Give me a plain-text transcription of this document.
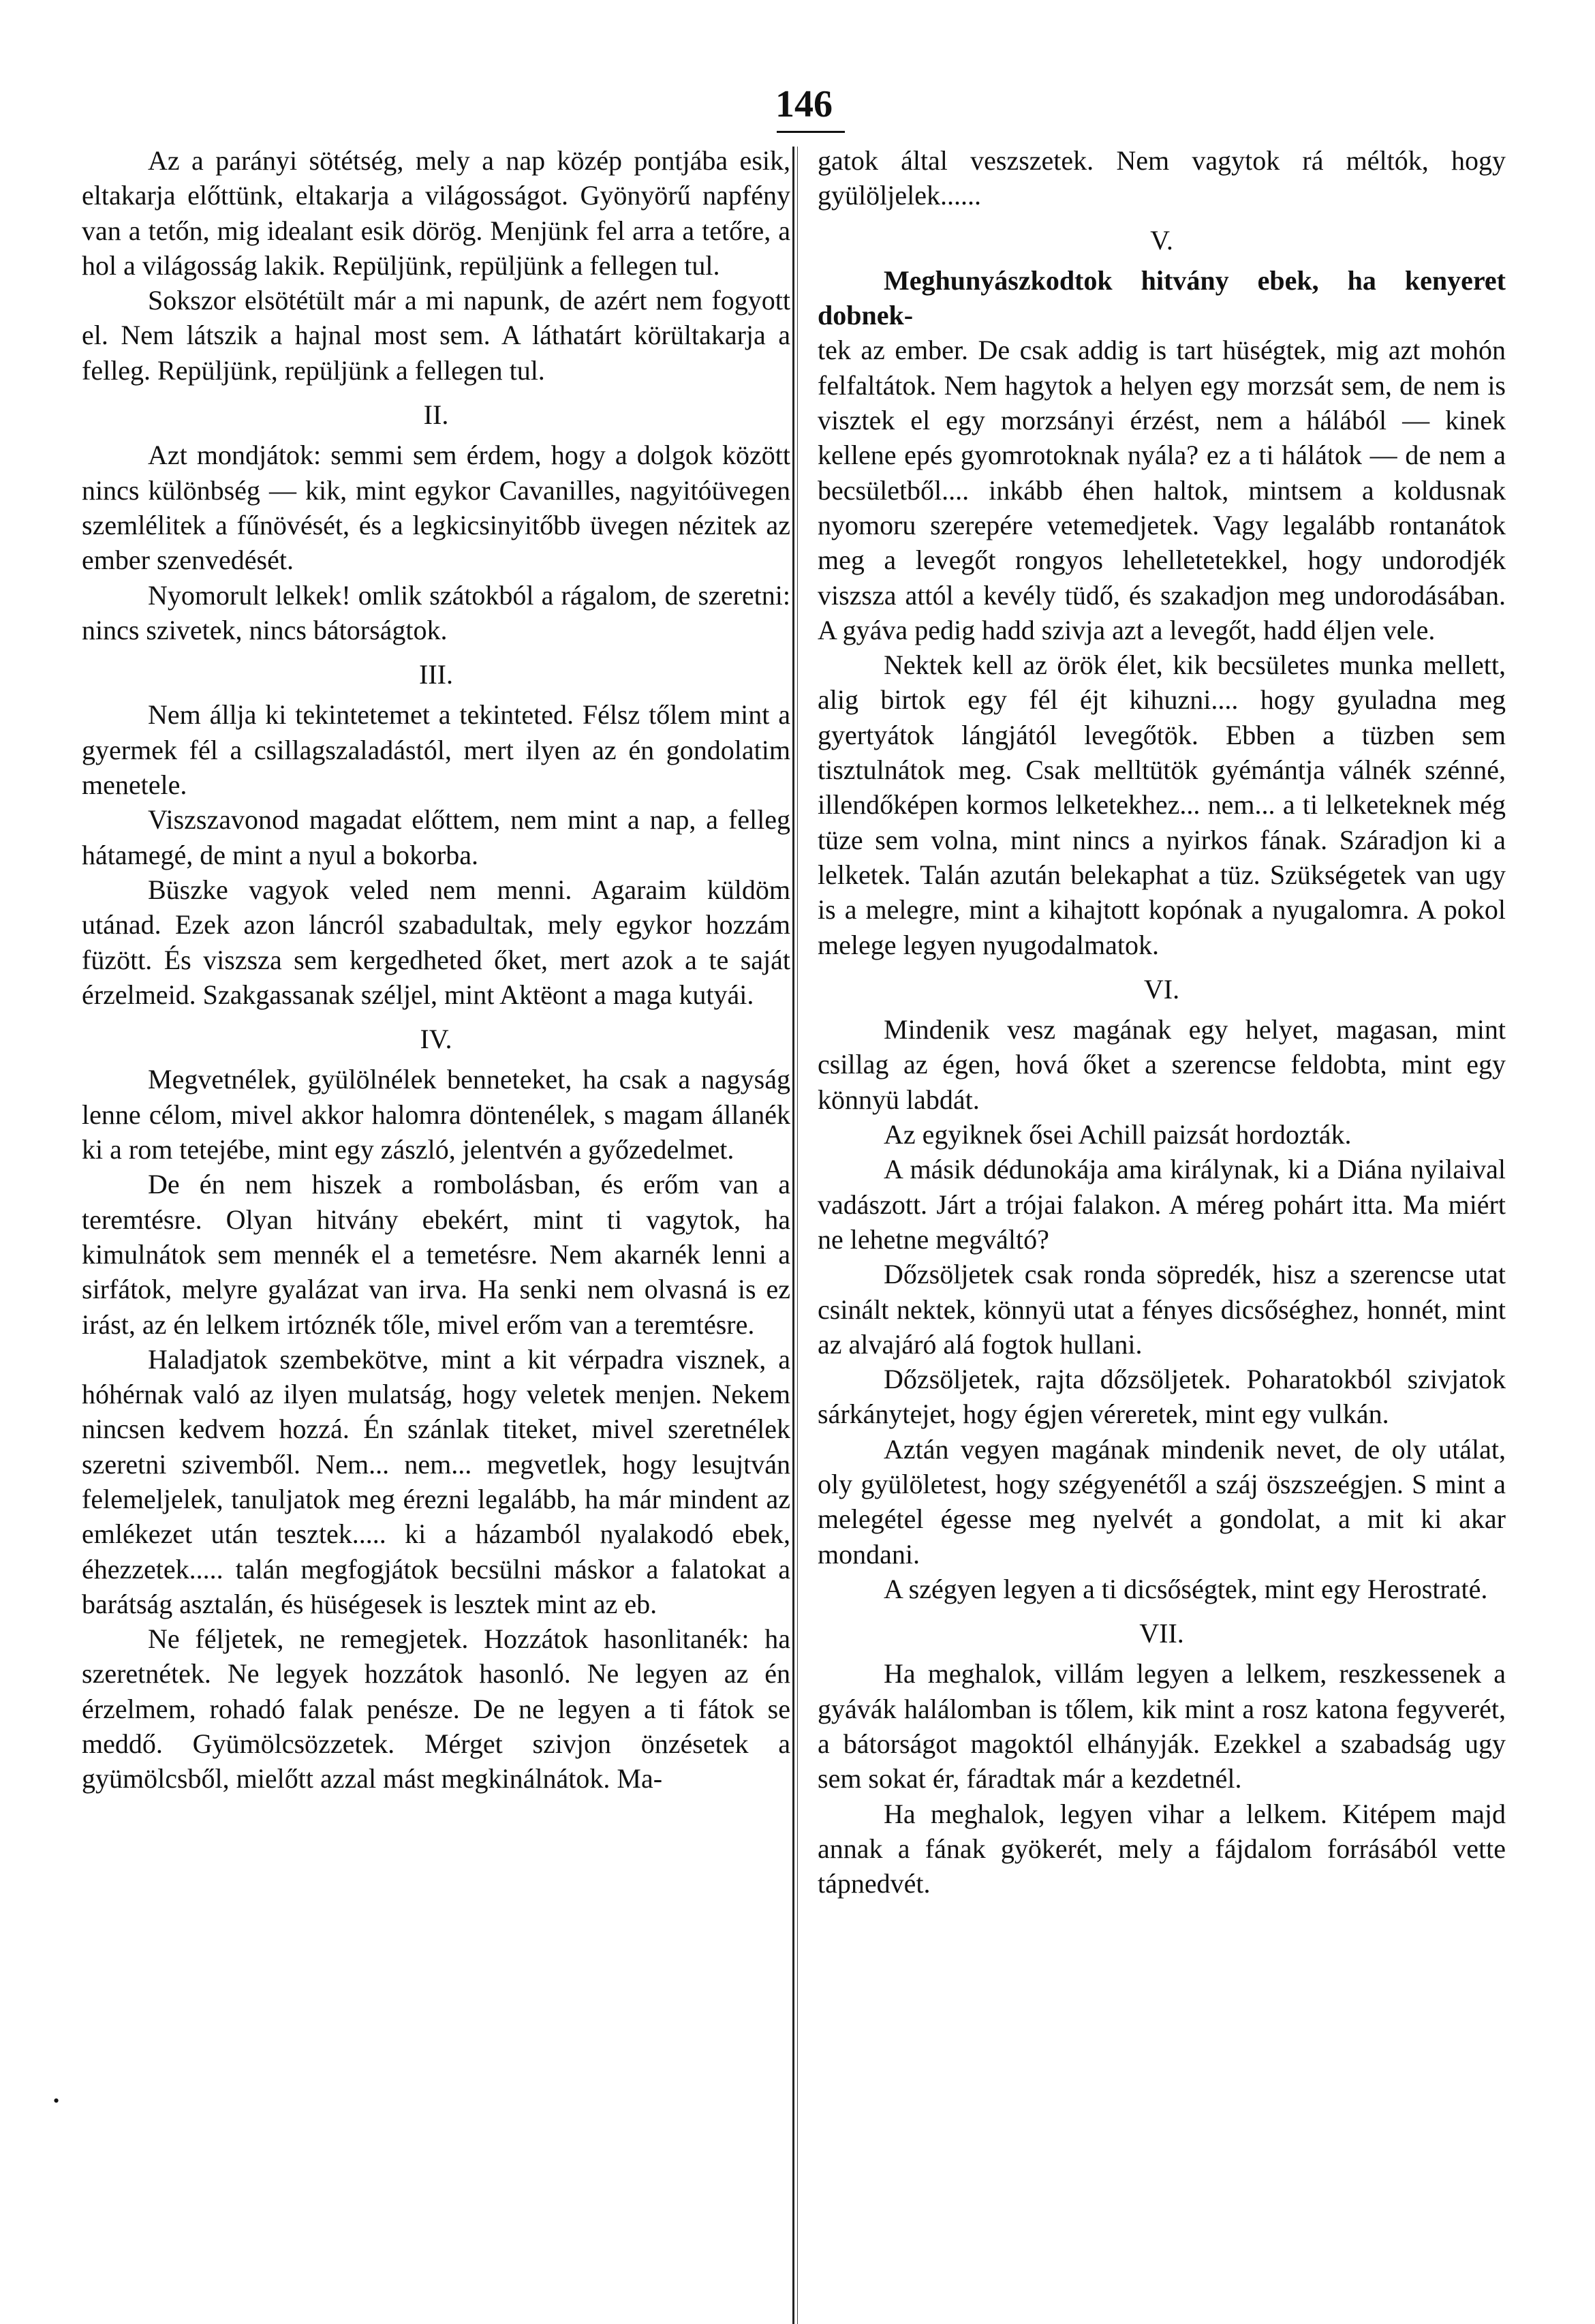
146

Az a parányi sötétség, mely a nap közép pontjába esik, eltakarja előttünk, eltakarja a világosságot. Gyönyörű napfény van a tetőn, mig idealant esik dörög. Menjünk fel arra a tetőre, a hol a világosság lakik. Repüljünk, repüljünk a fellegen tul.

Sokszor elsötétült már a mi napunk, de azért nem fogyott el. Nem látszik a hajnal most sem. A láthatárt körültakarja a felleg. Repüljünk, repüljünk a fellegen tul.

II.

Azt mondjátok: semmi sem érdem, hogy a dolgok között nincs különbség — kik, mint egykor Cavanilles, nagyitóüvegen szemlélitek a fűnövését, és a legkicsinyitőbb üvegen nézitek az ember szenvedését.

Nyomorult lelkek! omlik szátokból a rágalom, de szeretni: nincs szivetek, nincs bátorságtok.

III.

Nem állja ki tekintetemet a tekinteted. Félsz tőlem mint a gyermek fél a csillagszaladástól, mert ilyen az én gondolatim menetele.

Viszszavonod magadat előttem, nem mint a nap, a felleg hátamegé, de mint a nyul a bokorba.

Büszke vagyok veled nem menni. Agaraim küldöm utánad. Ezek azon láncról szabadultak, mely egykor hozzám füzött. És viszsza sem kergedheted őket, mert azok a te saját érzelmeid. Szakgassanak széljel, mint Aktëont a maga kutyái.

IV.

Megvetnélek, gyülölnélek benneteket, ha csak a nagyság lenne célom, mivel akkor halomra döntenélek, s magam állanék ki a rom tetejébe, mint egy zászló, jelentvén a győzedelmet.

De én nem hiszek a rombolásban, és erőm van a teremtésre. Olyan hitvány ebekért, mint ti vagytok, ha kimulnátok sem mennék el a temetésre. Nem akarnék lenni a sirfátok, melyre gyalázat van irva. Ha senki nem olvasná is ez irást, az én lelkem irtóznék tőle, mivel erőm van a teremtésre.

Haladjatok szembekötve, mint a kit vérpadra visznek, a hóhérnak való az ilyen mulatság, hogy veletek menjen. Nekem nincsen kedvem hozzá. Én szánlak titeket, mivel szeretnélek szeretni szivemből. Nem... nem... megvetlek, hogy lesujtván felemeljelek, tanuljatok meg érezni legalább, ha már mindent az emlékezet után tesztek..... ki a házamból nyalakodó ebek, éhezzetek..... talán megfogjátok becsülni máskor a falatokat a barátság asztalán, és hüségesek is lesztek mint az eb.

Ne féljetek, ne remegjetek. Hozzátok hasonlitanék: ha szeretnétek. Ne legyek hozzátok hasonló. Ne legyen az én érzelmem, rohadó falak penésze. De ne legyen a ti fátok se meddő. Gyümölcsözzetek. Mérget szivjon önzésetek a gyümölcsből, mielőtt azzal mást megkinálnátok. Ma-

gatok által veszszetek. Nem vagytok rá méltók, hogy gyülöljelek......

V.

Meghunyászkodtok hitvány ebek, ha kenyeret dobnek-
tek az ember. De csak addig is tart hüségtek, mig azt mohón felfaltátok. Nem hagytok a helyen egy morzsát sem, de nem is visztek el egy morzsányi érzést, nem a hálából — kinek kellene epés gyomrotoknak nyála? ez a ti hálátok — de nem a becsületből.... inkább éhen haltok, mintsem a koldusnak nyomoru szerepére vetemedjetek. Vagy legalább rontanátok meg a levegőt rongyos lehelletetekkel, hogy undorodjék viszsza attól a kevély tüdő, és szakadjon meg undorodásában. A gyáva pedig hadd szivja azt a levegőt, hadd éljen vele.

Nektek kell az örök élet, kik becsületes munka mellett, alig birtok egy fél éjt kihuzni.... hogy gyuladna meg gyertyátok lángjától levegőtök. Ebben a tüzben sem tisztulnátok meg. Csak melltütök gyémántja válnék szénné, illendőképen kormos lelketekhez... nem... a ti lelketeknek még tüze sem volna, mint nincs a nyirkos fának. Száradjon ki a lelketek. Talán azután belekaphat a tüz. Szükségetek van ugy is a melegre, mint a kihajtott kopónak a nyugalomra. A pokol melege legyen nyugodalmatok.

VI.

Mindenik vesz magának egy helyet, magasan, mint csillag az égen, hová őket a szerencse feldobta, mint egy könnyü labdát.

Az egyiknek ősei Achill paizsát hordozták.

A másik dédunokája ama királynak, ki a Diána nyilaival vadászott. Járt a trójai falakon. A méreg pohárt itta. Ma miért ne lehetne megváltó?

Dőzsöljetek csak ronda söpredék, hisz a szerencse utat csinált nektek, könnyü utat a fényes dicsőséghez, honnét, mint az alvajáró alá fogtok hullani.

Dőzsöljetek, rajta dőzsöljetek. Poharatokból szivjatok sárkánytejet, hogy égjen véreretek, mint egy vulkán.

Aztán vegyen magának mindenik nevet, de oly utálat, oly gyülöletest, hogy szégyenétől a száj öszszeégjen. S mint a melegétel égesse meg nyelvét a gondolat, a mit ki akar mondani.

A szégyen legyen a ti dicsőségtek, mint egy Herostraté.

VII.

Ha meghalok, villám legyen a lelkem, reszkessenek a gyávák halálomban is tőlem, kik mint a rosz katona fegyverét, a bátorságot magoktól elhányják. Ezekkel a szabadság ugy sem sokat ér, fáradtak már a kezdetnél.

Ha meghalok, legyen vihar a lelkem. Kitépem majd annak a fának gyökerét, mely a fájdalom forrásából vette tápnedvét.

•
